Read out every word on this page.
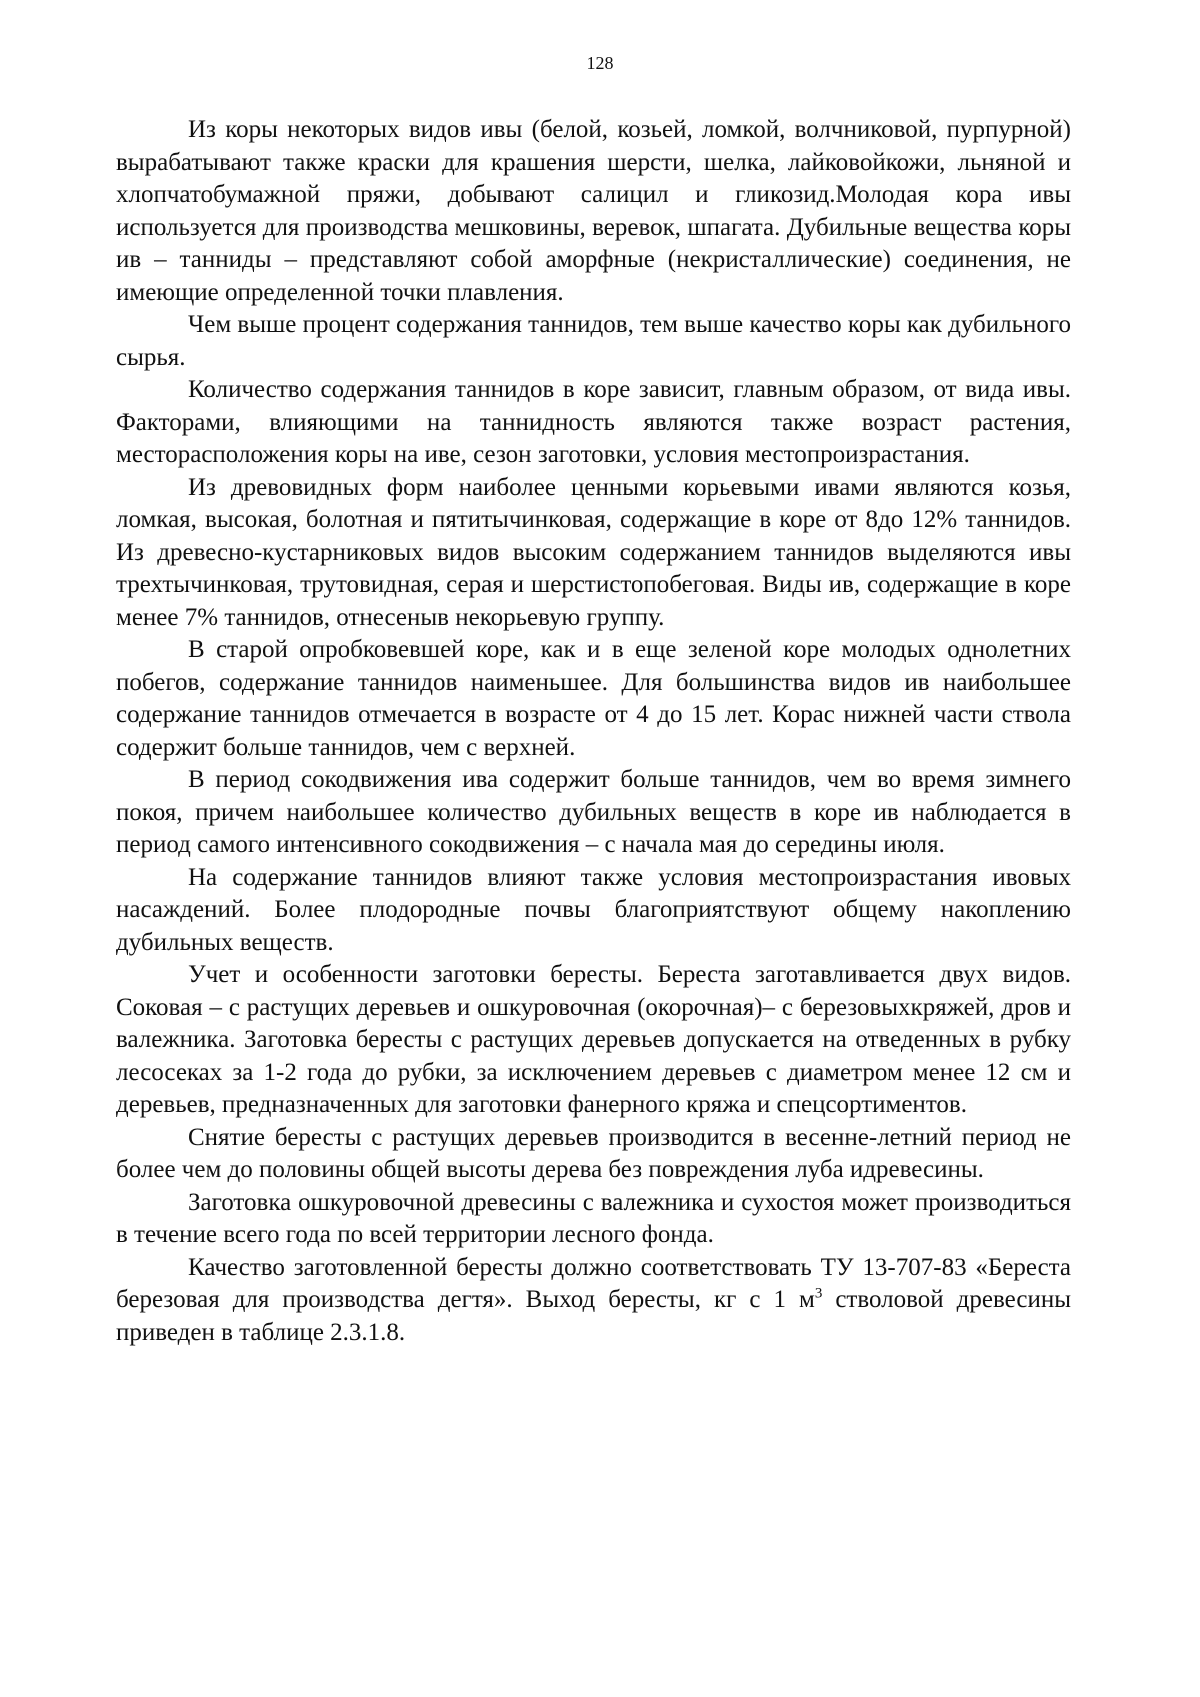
128

Из коры некоторых видов ивы (белой, козьей, ломкой, волчниковой, пурпурной) вырабатывают также краски для крашения шерсти, шелка, лайковойкожи, льняной и хлопчатобумажной пряжи, добывают салицил и гликозид.Молодая кора ивы используется для производства мешковины, веревок, шпагата. Дубильные вещества коры ив – танниды – представляют собой аморфные (некристаллические) соединения, не имеющие определенной точки плавления.

Чем выше процент содержания таннидов, тем выше качество коры как дубильного сырья.

Количество содержания таннидов в коре зависит, главным образом, от вида ивы. Факторами, влияющими на таннидность являются также возраст растения, месторасположения коры на иве, сезон заготовки, условия местопроизрастания.

Из древовидных форм наиболее ценными корьевыми ивами являются козья, ломкая, высокая, болотная и пятитычинковая, содержащие в коре от 8до 12% таннидов. Из древесно-кустарниковых видов высоким содержанием таннидов выделяются ивы трехтычинковая, трутовидная, серая и шерстистопобеговая. Виды ив, содержащие в коре менее 7% таннидов, отнесеныв некорьевую группу.

В старой опробковевшей коре, как и в еще зеленой коре молодых однолетних побегов, содержание таннидов наименьшее. Для большинства видов ив наибольшее содержание таннидов отмечается в возрасте от 4 до 15 лет. Корас нижней части ствола содержит больше таннидов, чем с верхней.

В период сокодвижения ива содержит больше таннидов, чем во время зимнего покоя, причем наибольшее количество дубильных веществ в коре ив наблюдается в период самого интенсивного сокодвижения – с начала мая до середины июля.

На содержание таннидов влияют также условия местопроизрастания ивовых насаждений. Более плодородные почвы благоприятствуют общему накоплению дубильных веществ.

Учет и особенности заготовки бересты. Береста заготавливается двух видов. Соковая – с растущих деревьев и ошкуровочная (окорочная)– с березовыхкряжей, дров и валежника. Заготовка бересты с растущих деревьев допускается на отведенных в рубку лесосеках за 1-2 года до рубки, за исключением деревьев с диаметром менее 12 см и деревьев, предназначенных для заготовки фанерного кряжа и спецсортиментов.

Снятие бересты с растущих деревьев производится в весенне-летний период не более чем до половины общей высоты дерева без повреждения луба идревесины.

Заготовка ошкуровочной древесины с валежника и сухостоя может производиться в течение всего года по всей территории лесного фонда.

Качество заготовленной бересты должно соответствовать ТУ 13-707-83 «Береста березовая для производства дегтя». Выход бересты, кг с 1 $м^3$ стволовой древесины приведен в таблице 2.3.1.8.
